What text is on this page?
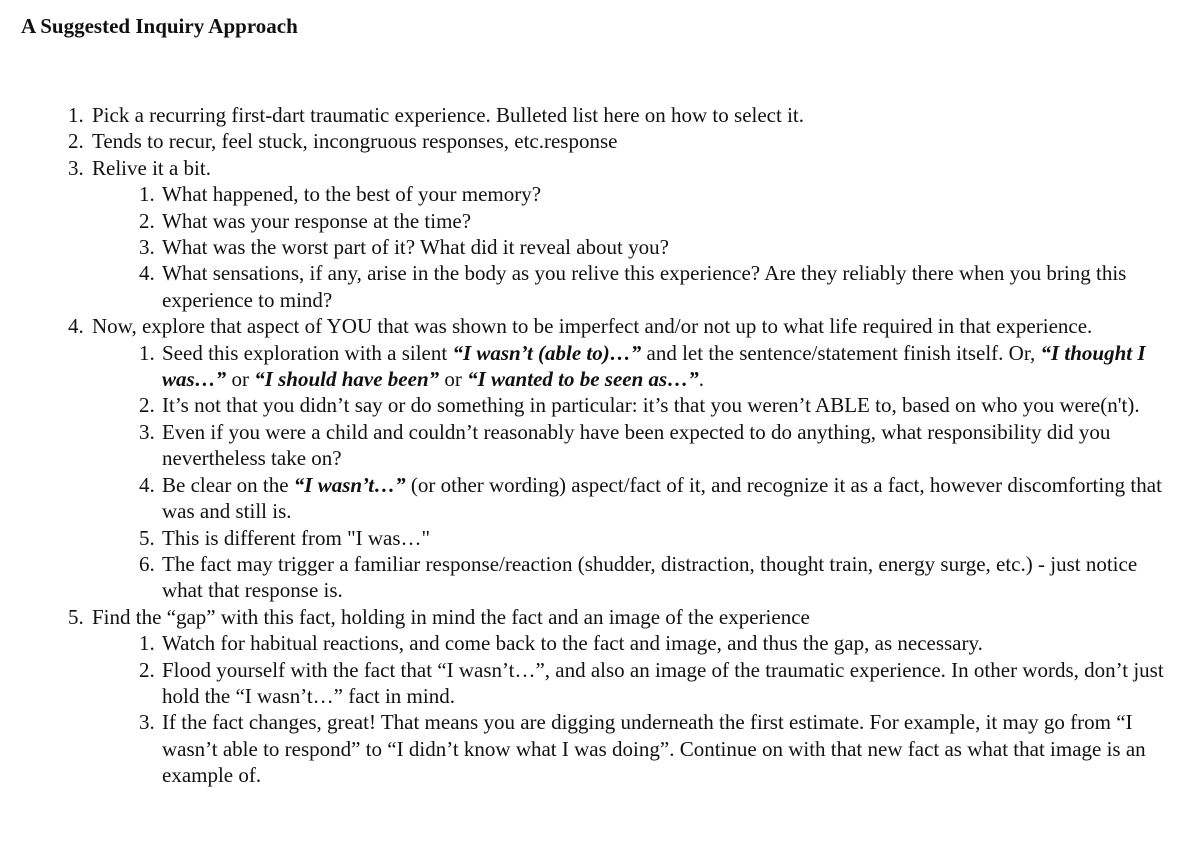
A Suggested Inquiry Approach
1. Pick a recurring first-dart traumatic experience. Bulleted list here on how to select it.
2. Tends to recur, feel stuck, incongruous responses, etc.response
3. Relive it a bit.
1. What happened, to the best of your memory?
2. What was your response at the time?
3. What was the worst part of it? What did it reveal about you?
4. What sensations, if any, arise in the body as you relive this experience? Are they reliably there when you bring this experience to mind?
4. Now, explore that aspect of YOU that was shown to be imperfect and/or not up to what life required in that experience.
1. Seed this exploration with a silent “I wasn’t (able to)…” and let the sentence/statement finish itself. Or, “I thought I was…” or “I should have been” or “I wanted to be seen as…”.
2. It’s not that you didn’t say or do something in particular: it’s that you weren’t ABLE to, based on who you were(n't).
3. Even if you were a child and couldn’t reasonably have been expected to do anything, what responsibility did you nevertheless take on?
4. Be clear on the “I wasn’t…” (or other wording) aspect/fact of it, and recognize it as a fact, however discomforting that was and still is.
5. This is different from "I was…"
6. The fact may trigger a familiar response/reaction (shudder, distraction, thought train, energy surge, etc.) - just notice what that response is.
5. Find the “gap” with this fact, holding in mind the fact and an image of the experience
1. Watch for habitual reactions, and come back to the fact and image, and thus the gap, as necessary.
2. Flood yourself with the fact that “I wasn’t…”, and also an image of the traumatic experience. In other words, don’t just hold the “I wasn’t…” fact in mind.
3. If the fact changes, great! That means you are digging underneath the first estimate. For example, it may go from “I wasn’t able to respond” to “I didn’t know what I was doing”. Continue on with that new fact as what that image is an example of.
